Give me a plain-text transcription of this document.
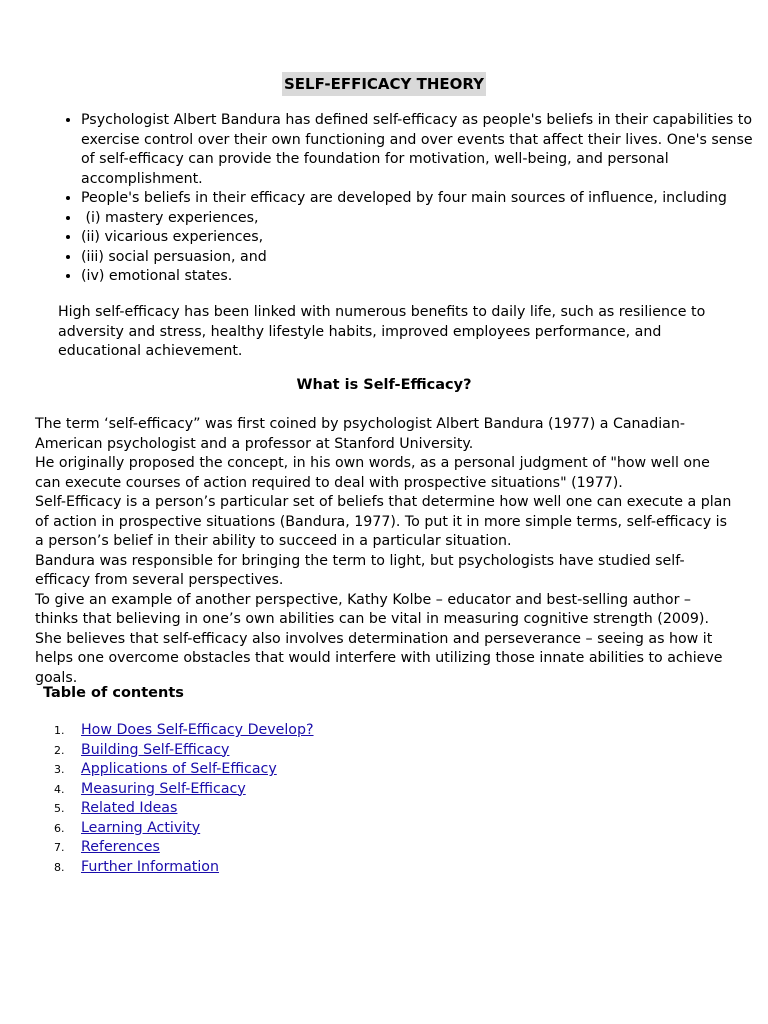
SELF-EFFICACY THEORY
• Psychologist Albert Bandura has defined self-efficacy as people's beliefs in their capabilities to exercise control over their own functioning and over events that affect their lives. One's sense of self-efficacy can provide the foundation for motivation, well-being, and personal accomplishment.
• People's beliefs in their efficacy are developed by four main sources of influence, including
•  (i) mastery experiences,
• (ii) vicarious experiences,
• (iii) social persuasion, and
• (iv) emotional states.

High self-efficacy has been linked with numerous benefits to daily life, such as resilience to adversity and stress, healthy lifestyle habits, improved employees performance, and educational achievement.

What is Self-Efficacy?

The term ‘self-efficacy” was first coined by psychologist Albert Bandura (1977) a Canadian-American psychologist and a professor at Stanford University.

He originally proposed the concept, in his own words, as a personal judgment of "how well one can execute courses of action required to deal with prospective situations" (1977).

Self-Efficacy is a person’s particular set of beliefs that determine how well one can execute a plan of action in prospective situations (Bandura, 1977). To put it in more simple terms, self-efficacy is a person’s belief in their ability to succeed in a particular situation.

Bandura was responsible for bringing the term to light, but psychologists have studied self-efficacy from several perspectives.

To give an example of another perspective, Kathy Kolbe – educator and best-selling author – thinks that believing in one’s own abilities can be vital in measuring cognitive strength (2009).

She believes that self-efficacy also involves determination and perseverance – seeing as how it helps one overcome obstacles that would interfere with utilizing those innate abilities to achieve goals.

Table of contents
1.	How Does Self-Efficacy Develop?
2.	Building Self-Efficacy
3.	Applications of Self-Efficacy
4.	Measuring Self-Efficacy
5.	Related Ideas
6.	Learning Activity
7.	References
8.	Further Information
